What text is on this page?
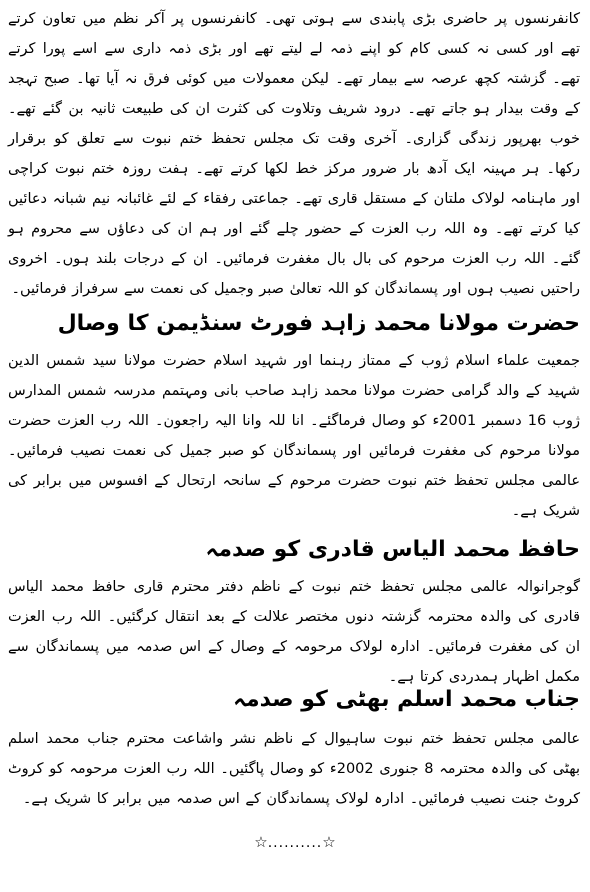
کانفرنسوں پر حاضری بڑی پابندی سے ہوتی تھی۔ کانفرنسوں پر آکر نظم میں تعاون کرتے تھے اور کسی نہ کسی کام کو اپنے ذمہ لے لیتے تھے اور بڑی ذمہ داری سے اسے پورا کرتے تھے۔ گزشتہ کچھ عرصہ سے بیمار تھے۔ لیکن معمولات میں کوئی فرق نہ آیا تھا۔ صبح تہجد کے وقت بیدار ہو جاتے تھے۔ درود شریف وتلاوت کی کثرت ان کی طبیعت ثانیہ بن گئے تھے۔ خوب بھرپور زندگی گزاری۔ آخری وقت تک مجلس تحفظ ختم نبوت سے تعلق کو برقرار رکھا۔ ہر مہینہ ایک آدھ بار ضرور مرکز خط لکھا کرتے تھے۔ ہفت روزہ ختم نبوت کراچی اور ماہنامہ لولاک ملتان کے مستقل قاری تھے۔ جماعتی رفقاء کے لئے غائبانہ نیم شبانہ دعائیں کیا کرتے تھے۔ وہ اللہ رب العزت کے حضور چلے گئے اور ہم ان کی دعاؤں سے محروم ہو گئے۔ اللہ رب العزت مرحوم کی بال بال مغفرت فرمائیں۔ ان کے درجات بلند ہوں۔ اخروی راحتیں نصیب ہوں اور پسماندگان کو اللہ تعالیٰ صبر وجمیل کی نعمت سے سرفراز فرمائیں۔

حضرت مولانا محمد زاہد فورٹ سنڈیمن کا وصال

جمعیت علماء اسلام ژوب کے ممتاز رہنما اور شہید اسلام حضرت مولانا سید شمس الدین شہید کے والد گرامی حضرت مولانا محمد زاہد صاحب بانی ومہتمم مدرسہ شمس المدارس ژوب 16 دسمبر 2001ء کو وصال فرماگئے۔ انا للہ وانا الیہ راجعون۔ اللہ رب العزت حضرت مولانا مرحوم کی مغفرت فرمائیں اور پسماندگان کو صبر جمیل کی نعمت نصیب فرمائیں۔ عالمی مجلس تحفظ ختم نبوت حضرت مرحوم کے سانحہ ارتحال کے افسوس میں برابر کی شریک ہے۔

حافظ محمد الیاس قادری کو صدمہ

گوجرانوالہ عالمی مجلس تحفظ ختم نبوت کے ناظم دفتر محترم قاری حافظ محمد الیاس قادری کی والدہ محترمہ گزشتہ دنوں مختصر علالت کے بعد انتقال کرگئیں۔ اللہ رب العزت ان کی مغفرت فرمائیں۔ ادارہ لولاک مرحومہ کے وصال کے اس صدمہ میں پسماندگان سے مکمل اظہار ہمدردی کرتا ہے۔

جناب محمد اسلم بھٹی کو صدمہ

عالمی مجلس تحفظ ختم نبوت ساہیوال کے ناظم نشر واشاعت محترم جناب محمد اسلم بھٹی کی والدہ محترمہ 8 جنوری 2002ء کو وصال پاگئیں۔ اللہ رب العزت مرحومہ کو کروٹ کروٹ جنت نصیب فرمائیں۔ ادارہ لولاک پسماندگان کے اس صدمہ میں برابر کا شریک ہے۔

☆..........☆
